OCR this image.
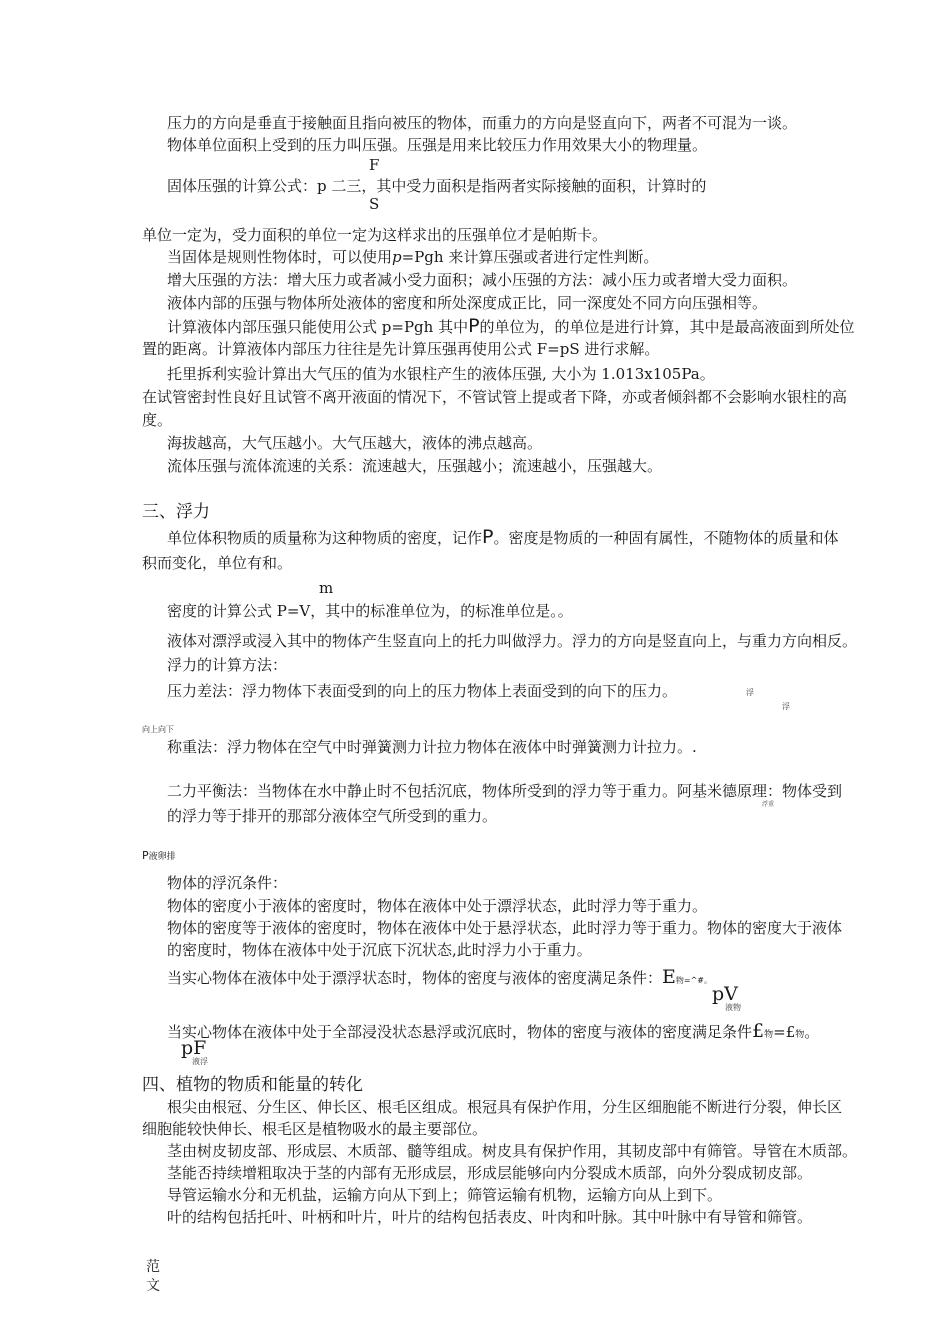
压力的方向是垂直于接触面且指向被压的物体，而重力的方向是竖直向下，两者不可混为一谈。
物体单位面积上受到的压力叫压强。压强是用来比较压力作用效果大小的物理量。
F
固体压强的计算公式：p 二三，其中受力面积是指两者实际接触的面积，计算时的
S
单位一定为，受力面积的单位一定为这样求出的压强单位才是帕斯卡。
当固体是规则性物体时，可以使用p=Pgh 来计算压强或者进行定性判断。
增大压强的方法：增大压力或者减小受力面积；减小压强的方法：减小压力或者增大受力面积。
液体内部的压强与物体所处液体的密度和所处深度成正比，同一深度处不同方向压强相等。
计算液体内部压强只能使用公式 p=Pgh 其中P的单位为，的单位是进行计算，其中是最高液面到所处位
置的距离。计算液体内部压力往往是先计算压强再使用公式 F=pS 进行求解。
托里拆利实验计算出大气压的值为水银柱产生的液体压强, 大小为 1.013x105Pa。
在试管密封性良好且试管不离开液面的情况下，不管试管上提或者下降，亦或者倾斜都不会影响水银柱的高
度。
海拔越高，大气压越小。大气压越大，液体的沸点越高。
流体压强与流体流速的关系：流速越大，压强越小；流速越小，压强越大。
三、浮力
单位体积物质的质量称为这种物质的密度，记作P。密度是物质的一种固有属性，不随物体的质量和体
积而变化，单位有和。
m
密度的计算公式 P=V，其中的标准单位为，的标准单位是。。
液体对漂浮或浸入其中的物体产生竖直向上的托力叫做浮力。浮力的方向是竖直向上，与重力方向相反。
浮力的计算方法：
压力差法：浮力物体下表面受到的向上的压力物体上表面受到的向下的压力。	浮
浮
向上向下
称重法：浮力物体在空气中时弹簧测力计拉力物体在液体中时弹簧测力计拉力。.
二力平衡法：当物体在水中静止时不包括沉底，物体所受到的浮力等于重力。阿基米德原理：物体受到
浮重
的浮力等于排开的那部分液体空气所受到的重力。
P液卵排
物体的浮沉条件：
物体的密度小于液体的密度时，物体在液体中处于漂浮状态，此时浮力等于重力。
物体的密度等于液体的密度时，物体在液体中处于悬浮状态，此时浮力等于重力。物体的密度大于液体
的密度时，物体在液体中处于沉底下沉状态,此时浮力小于重力。
当实心物体在液体中处于漂浮状态时，物体的密度与液体的密度满足条件：E物=^#。
pV
液物
当实心物体在液体中处于全部浸没状态悬浮或沉底时，物体的密度与液体的密度满足条件£物=£物。
pF
液浮
四、植物的物质和能量的转化
根尖由根冠、分生区、伸长区、根毛区组成。根冠具有保护作用，分生区细胞能不断进行分裂，伸长区
细胞能较快伸长、根毛区是植物吸水的最主要部位。
茎由树皮韧皮部、形成层、木质部、髓等组成。树皮具有保护作用，其韧皮部中有筛管。导管在木质部。
茎能否持续增粗取决于茎的内部有无形成层，形成层能够向内分裂成木质部，向外分裂成韧皮部。
导管运输水分和无机盐，运输方向从下到上；筛管运输有机物，运输方向从上到下。
叶的结构包括托叶、叶柄和叶片，叶片的结构包括表皮、叶肉和叶脉。其中叶脉中有导管和筛管。
范
文
